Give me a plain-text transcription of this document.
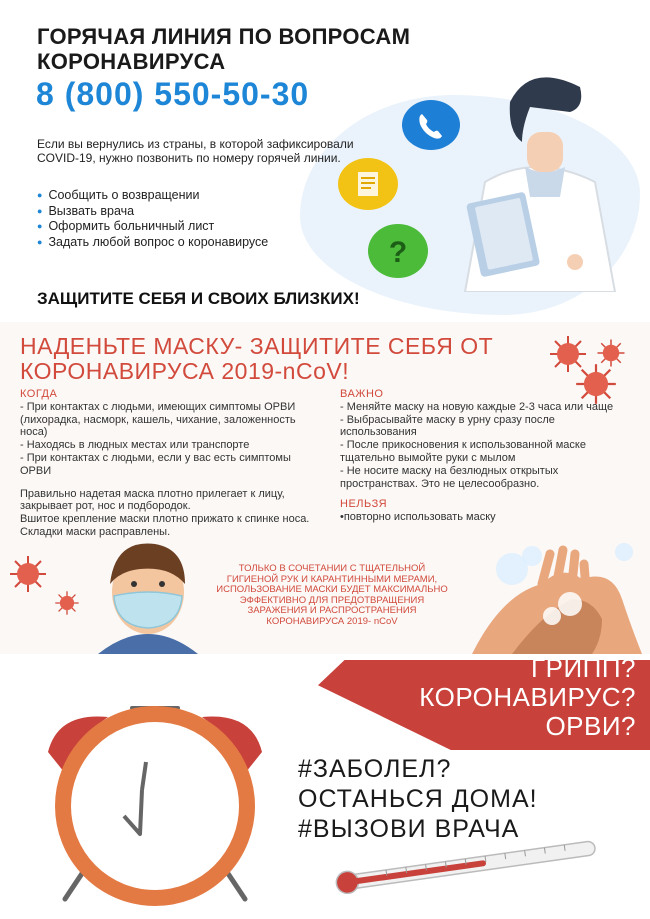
ГОРЯЧАЯ ЛИНИЯ ПО ВОПРОСАМ КОРОНАВИРУСА
8 (800) 550-50-30
Если вы вернулись из страны, в которой зафиксировали COVID-19, нужно позвонить по номеру горячей линии.
● Сообщить о возвращении
● Вызвать врача
● Оформить больничный лист
● Задать любой вопрос о коронавирусе	?
ЗАЩИТИТЕ СЕБЯ И СВОИХ БЛИЗКИХ!
НАДЕНЬТЕ МАСКУ- ЗАЩИТИТЕ СЕБЯ ОТ КОРОНАВИРУСА 2019-nCoV!
КОГДА

- При контактах с людьми, имеющих симптомы ОРВИ (лихорадка, насморк, кашель, чихание, заложенность носа)

- Находясь в людных местах или транспорте

- При контактах с людьми, если у вас есть симптомы ОРВИ

Правильно надетая маска плотно прилегает к лицу, закрывает рот, нос и подбородок.

Вшитое крепление маски плотно прижато к спинке носа.

Складки маски расправлены.

ВАЖНО

- Меняйте маску на новую каждые 2-3 часа или чаще

- Выбрасывайте маску в урну сразу после использования

- После прикосновения к использованной маске тщательно вымойте руки с мылом

- Не носите маску на безлюдных открытых пространствах. Это не целесообразно.

НЕЛЬЗЯ

•повторно использовать маску

ТОЛЬКО В СОЧЕТАНИИ С ТЩАТЕЛЬНОЙ ГИГИЕНОЙ РУК И КАРАНТИННЫМИ МЕРАМИ, ИСПОЛЬЗОВАНИЕ МАСКИ БУДЕТ МАКСИМАЛЬНО ЭФФЕКТИВНО ДЛЯ ПРЕДОТВРАЩЕНИЯ ЗАРАЖЕНИЯ И РАСПРОСТРАНЕНИЯ КОРОНАВИРУСА 2019- nCoV
ГРИПП?
КОРОНАВИРУС?
ОРВИ?
#ЗАБОЛЕЛ?
ОСТАНЬСЯ ДОМА!
#ВЫЗОВИ ВРАЧА
